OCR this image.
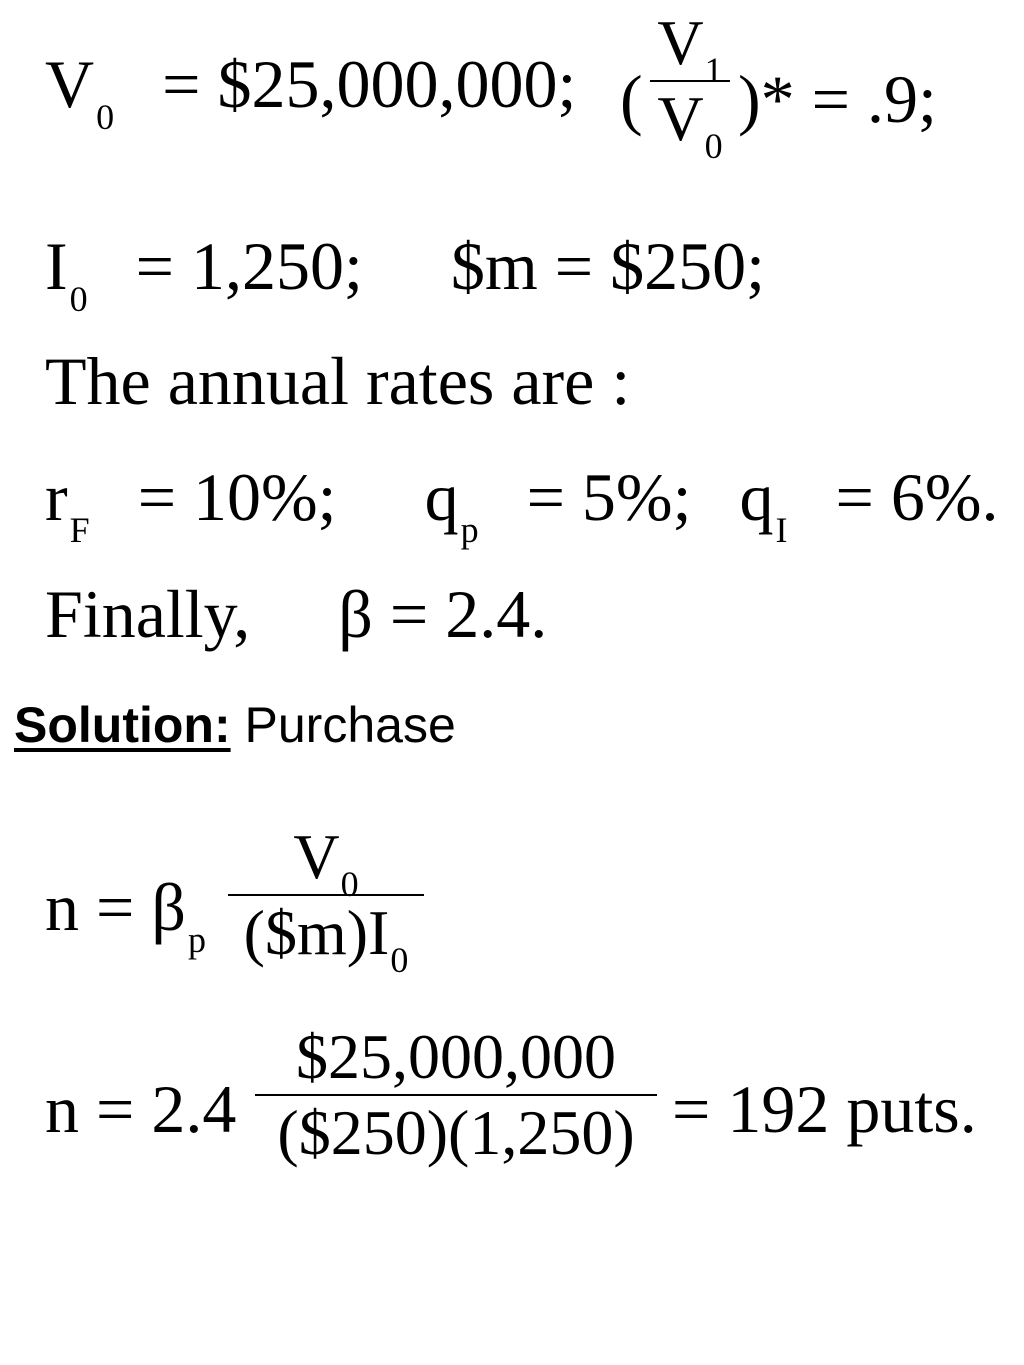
$V_0$ = $25,000,000; (
$V_1$
$V_0$
)* = .9;
$I_0 = 1,250$; $m = $250;
The annual rates are :
$r_F = 10\%$; $q_p = 5\%$; $q_I = 6\%$.
Finally, β = 2.4.
Solution: Purchase
$n = \beta_p$
$V_0$
$(\$m)I_0$
n = 2.4
$25,000,000
($250)(1,250) = 192 puts.
